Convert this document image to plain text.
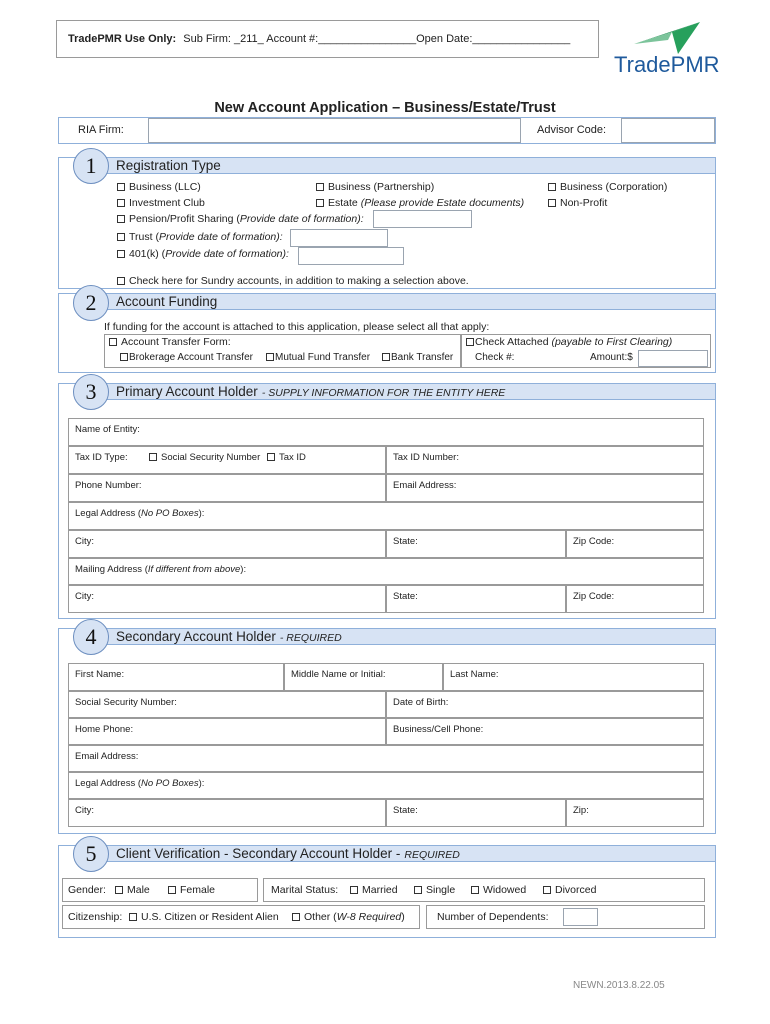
TradePMR Use Only: Sub Firm: _211_ Account #:________________Open Date:________________
TradePMR
New Account Application – Business/Estate/Trust
RIA Firm:	Advisor Code:
1	Registration Type
Business (LLC)	Business (Partnership)	Business (Corporation)
Investment Club	Estate (Please provide Estate documents)	Non-Profit
Pension/Profit Sharing (Provide date of formation):
Trust (Provide date of formation):
401(k) (Provide date of formation):
Check here for Sundry accounts, in addition to making a selection above.
2	Account Funding
If funding for the account is attached to this application, please select all that apply:
Account Transfer Form:
Brokerage Account Transfer	Mutual Fund Transfer	Bank Transfer
Check Attached (payable to First Clearing)
Check #:	Amount:$
3	Primary Account Holder - SUPPLY INFORMATION FOR THE ENTITY HERE
Name of Entity:
Tax ID Type:	Social Security Number	Tax ID	Tax ID Number:
Phone Number:	Email Address:
Legal Address (No PO Boxes):
City:	State:	Zip Code:
Mailing Address (If different from above):
City:	State:	Zip Code:
4	Secondary Account Holder - REQUIRED
First Name:	Middle Name or Initial:	Last Name:
Social Security Number:	Date of Birth:
Home Phone:	Business/Cell Phone:
Email Address:
Legal Address (No PO Boxes):
City:	State:	Zip:
5	Client Verification - Secondary Account Holder - REQUIRED
Gender:	Male	Female	Marital Status:	Married	Single	Widowed	Divorced
Citizenship:	U.S. Citizen or Resident Alien	Other (W-8 Required)	Number of Dependents:
NEWN.2013.8.22.05
